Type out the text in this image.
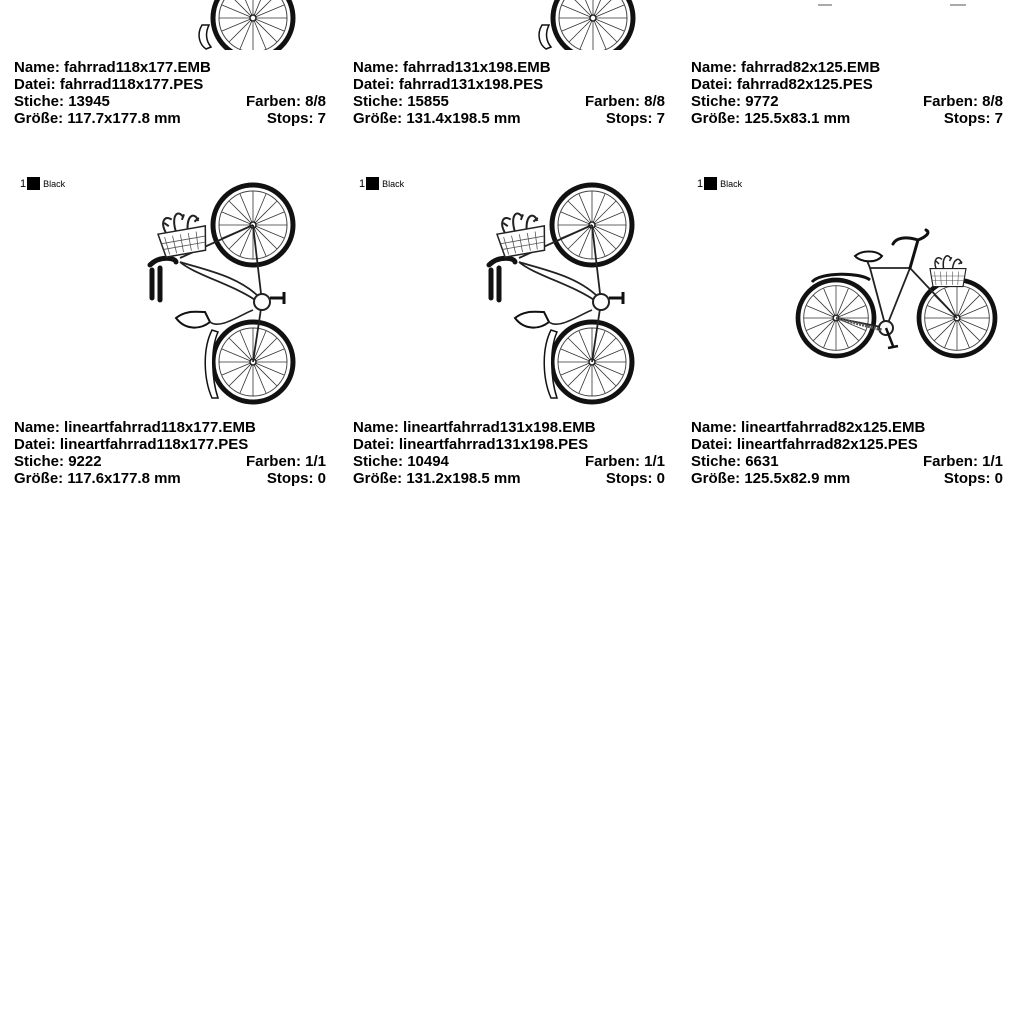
Name: fahrrad118x177.EMB
Datei: fahrrad118x177.PES
Stiche: 13945	Farben: 8/8
Größe: 117.7x177.8 mm	Stops: 7
Name: fahrrad131x198.EMB
Datei: fahrrad131x198.PES
Stiche: 15855	Farben: 8/8
Größe: 131.4x198.5 mm	Stops: 7
Name: fahrrad82x125.EMB
Datei: fahrrad82x125.PES
Stiche: 9772	Farben: 8/8
Größe: 125.5x83.1 mm	Stops: 7
1 Black	1 Black	1 Black
Name: lineartfahrrad118x177.EMB
Datei: lineartfahrrad118x177.PES
Stiche: 9222	Farben: 1/1
Größe: 117.6x177.8 mm	Stops: 0
Name: lineartfahrrad131x198.EMB
Datei: lineartfahrrad131x198.PES
Stiche: 10494	Farben: 1/1
Größe: 131.2x198.5 mm	Stops: 0
Name: lineartfahrrad82x125.EMB
Datei: lineartfahrrad82x125.PES
Stiche: 6631	Farben: 1/1
Größe: 125.5x82.9 mm	Stops: 0
